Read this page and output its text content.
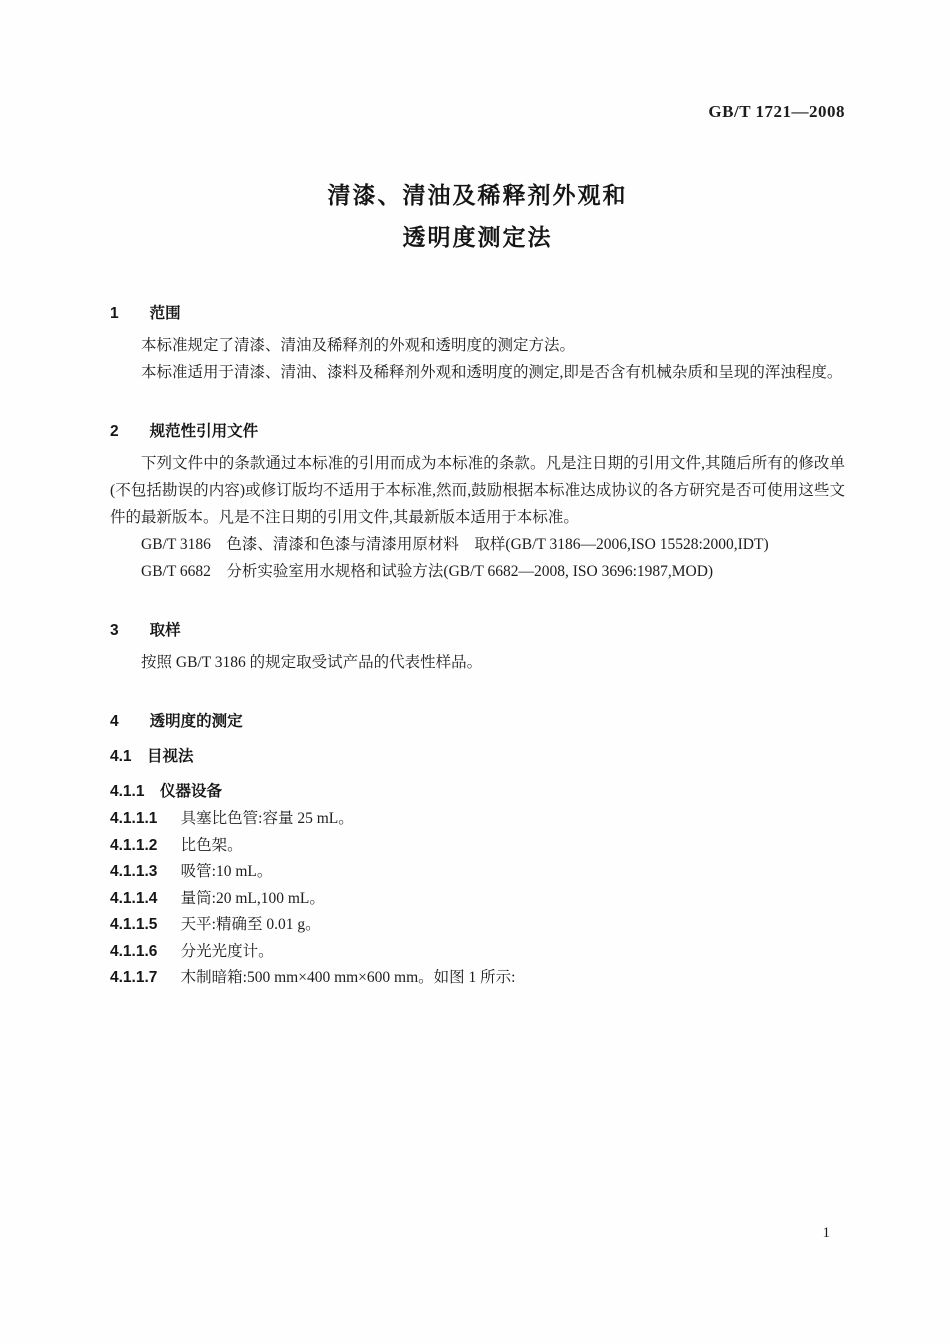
GB/T 1721—2008
清漆、清油及稀释剂外观和
透明度测定法
1　　范围

本标准规定了清漆、清油及稀释剂的外观和透明度的测定方法。

本标准适用于清漆、清油、漆料及稀释剂外观和透明度的测定,即是否含有机械杂质和呈现的浑浊程度。

2　　规范性引用文件

下列文件中的条款通过本标准的引用而成为本标准的条款。凡是注日期的引用文件,其随后所有的修改单(不包括勘误的内容)或修订版均不适用于本标准,然而,鼓励根据本标准达成协议的各方研究是否可使用这些文件的最新版本。凡是不注日期的引用文件,其最新版本适用于本标准。

GB/T 3186　色漆、清漆和色漆与清漆用原材料　取样(GB/T 3186—2006,ISO 15528:2000,IDT)

GB/T 6682　分析实验室用水规格和试验方法(GB/T 6682—2008, ISO 3696:1987,MOD)

3　　取样

按照 GB/T 3186 的规定取受试产品的代表性样品。

4　　透明度的测定
4.1　目视法
4.1.1　仪器设备
4.1.1.1 具塞比色管:容量 25 mL。
4.1.1.2 比色架。
4.1.1.3 吸管:10 mL。
4.1.1.4 量筒:20 mL,100 mL。
4.1.1.5 天平:精确至 0.01 g。
4.1.1.6 分光光度计。
4.1.1.7 木制暗箱:500 mm×400 mm×600 mm。如图 1 所示:
1
